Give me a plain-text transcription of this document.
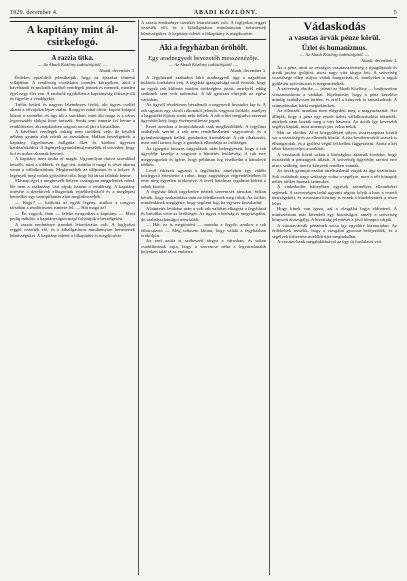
1929. december 4.	ABADI KÖZLÖNY.	5
A kapitány mint ál-csirkefogó.
A razzia titka.
— Az Abadi Közlöny tudósítójától. —
Abadi, december 3.

Érdekes epizódról jelenthetjük, hogy az éjszakai főmenő villájában. A rendőrség csodálatos csendes környéken, ahol a kávéházak és mulatók sorából vendégek jönnek és mennek, minden éjjel nagy élet van. A mulatók egyikében a kapitányság főtisztje ült és figyelte a vendégeket.

Tréfás kedvű és nagyon leleményes férfiú, aki ügyes csellel akarta a tolvajokat lépre csalni. Rongyos ruhát öltött, kopott kalapot húzott a szemébe, és úgy ült a sarokban, mint aki maga is a város legrosszabb alakjai közé tartozik. Senki sem ismerte fel benne a rendőrtisztet, aki napközben szigorú arccal járt a hivatalban.

A kávéházi vendégek sokáig nem törődtek vele, de később néhány gyanús alak odaült az asztalához. Halkan beszélgettek, a kapitány figyelmesen hallgatta őket és közben ügyesen kérdezősködött. A legények gyanútlanul mesélték el terveiket, hogy hol és mikor akarnak betörni.

A kapitány nem árulta el magát. Ugyanolyan durva szavakkal beszélt, mint a többiek, és úgy tett, mintha ő maga is részt akarna venni a vállalkozásban. Megbeszélték az időpontot és a helyet. A legények meg voltak győződve róla, hogy hű társat találtak benne.

Másnap éjjel a megbeszélt helyen csakugyan megjelentek mind. De nem a zsákmány várt rájuk, hanem a rendőrség. A kapitány intésére a detektívek előugrottak rejtekhelyükről és a meglepett betörőket egy szempillantás alatt megbilincselték.

— Hogy? — kiáltotta az egyik legény, amikor a rongyos társában a rendőrtisztet ismerte fel. — Hát maga az?

— Én vagyok, fiam — felelte nyugodtan a kapitány. — Most pedig indulás, a kapitányságon majd folytatjuk a beszélgetést.

A razzia eredménye tizenkét letartóztatás volt. A foglyokat reggel vezették elő, és a kihallgatáson mindannyian beismerték bűnösségüket. A kapitány ötletét a főkapitány is megdicsérte.

A razzia eredménye tizenkét letartóztatás volt. A foglyokat reggel vezették elő, és a kihallgatáson mindannyian beismerték bűnösségüket. A kapitány ötletét a főkapitány is megdicsérte.

Aki a fegyházban öröhölt.
Egy aradnegyedi bevezetőh messzenézője.
— Az Abadi Közlöny tudósítójától. —
Abadi, december 3.

A fegyháznál szabadon lakó aradnegyedi ügy a napokban különös fordulatot vett. A fegyház igazgatósága arról értesült, hogy az egyik rab különös módon örökséghez jutott, amelyről eddig senkinek sem volt tudomása. A hír gyorsan elterjedt az egész városban.

Az ügyről részletesen beszámolt a nagynevű hivatalos lap is. A rab ugyanis egy távoli rokonától jelentős vagyont örökölt, amelyet a hagyatéki eljárás során neki ítéltek. A rab a hírt megtudva azonnal ügyvédet kért, hogy érvényesíthesse jogait.

Ezzel azonban a bonyodalmak csak megkezdődtek. A fegyházi szabályok szerint a rab nem rendelkezhetett vagyonával, és a gyámhatóságnak kellett gondnokot kirendelnie. A rab tiltakozott, mert attól tartott, hogy a gondnok elherdálja az örökséget.

Az igazgató hosszas tárgyalások után beleegyezett, hogy a rab ügyvédje kezelje a vagyont a büntetés letöltéséig. A rab erre megnyugodott és ígérte, hogy példásan fog viselkedni a hátralevő időben.

Levél érkezett ugyanis a fegyházba, amelyben egy vidéki közjegyző értesítette a rabot, hogy nagybátyja végrendeletében őt tette meg egyetlen örökösévé. A levél hatalmas izgalmat keltett a rabok között.

A fegyház lakói irigykedve nézték szerencsés társukat. Sokan kérték, hogy szabadulása után ne feledkezzék meg róluk. Az örökös mindenkinek megígérte, hogy segíteni fog, ha egyszer kiszabadul.

A büntetés letöltése után a volt rab valóban elhagyta a fegyházat és birtokba vette az örökséget. Az ügyet a bíróság is megvizsgálta, de szabálytalanságot nem talált.

— Hát, ez is megtörtént — mondta a fegyőr, amikor a rab elbúcsúzott. — Még sohasem láttam, hogy valaki a fegyházban örököljön.

Az eset azóta is szóbeszéd tárgya a városban, és sokan csodálkoznak rajta, hogy a szerencse néha a legváratlanabb helyeken talál rá az emberre.

Vádaskodás
a vasutas árvák pénze körül.
Üzlet és humanizmus.
— Az Abadi Közlöny tudósítójától. —
Abadi, december 3.

Az a pénz, amit az országos vasutasszövetség a nyugdíjasok és árvák javára gyűjtött, most nagy vita tárgya lett. A szövetség vezetősége ellen súlyos vádak hangzottak el, amelyeket a tagok gyűlésén nyilvánosan is megismételtek.

A szövetség elnöke — jelenti az Abadi Közlöny — határozottan visszautasította a vádakat. Kijelentette, hogy a pénz kezelése mindig szabályosan történt, és erről a könyvek is tanúskodnak. A számadásokat bárki megtekintheti.

Az ellenzék azonban nem elégedett meg a magyarázattal. Azt állítják, hogy a pénz egy részét üzleti vállalkozásokba fektették, amelyek nem hozták meg a várt hasznot. Az árvák így kevesebb segélyt kaptak, mint amennyi járt volna nekik.

Már az október 22-ei közgyűlésen súlyos összecsapásra került sor a vezetőség és az ellenzék között. A vita hevében sértő szavak is elhangzottak, és a gyűlést végül fel kellett függeszteni. Azóta a két tábor között teljes a szakítás.

A vasutasok közül sokan a bírósághoz akarnak fordulni, hogy tisztázzák a pénzügyek állását. A szövetség ügyvédje szerint erre nincs szükség, mert a könyvek rendben vannak.

Az árvák gyámjai ezalatt türelmetlenül várják az ügy tisztázását. Sok családnak nagy szüksége volna a segélyre, mert a téli hónapok nehéz időket hoznak számukra.

A vádaskodás hátterében egyesek személyes ellentéteket sejtenek. A szövetségen belül ugyanis régóta folyik a harc a vezető tisztségekért, és a mostani botrány is ennek a küzdelemnek a része lehet.

Hogy kinek van igaza, azt a vizsgálat fogja eldönteni. A minisztérium már kirendelt egy bizottságot, amely a szövetség könyveit átvizsgálja. A bizottság jelentését a jövő hónapra várják.

A vasutas-árvák pénzének sorsa így egyelőre bizonytalan. Az érdekeltek remélik, hogy a vizsgálat gyorsan befejeződik, és a segélyek kifizetése mielőbb újra megindulhat.

A vasutas-bank megalakításával az ügy új fordulatot vett.
